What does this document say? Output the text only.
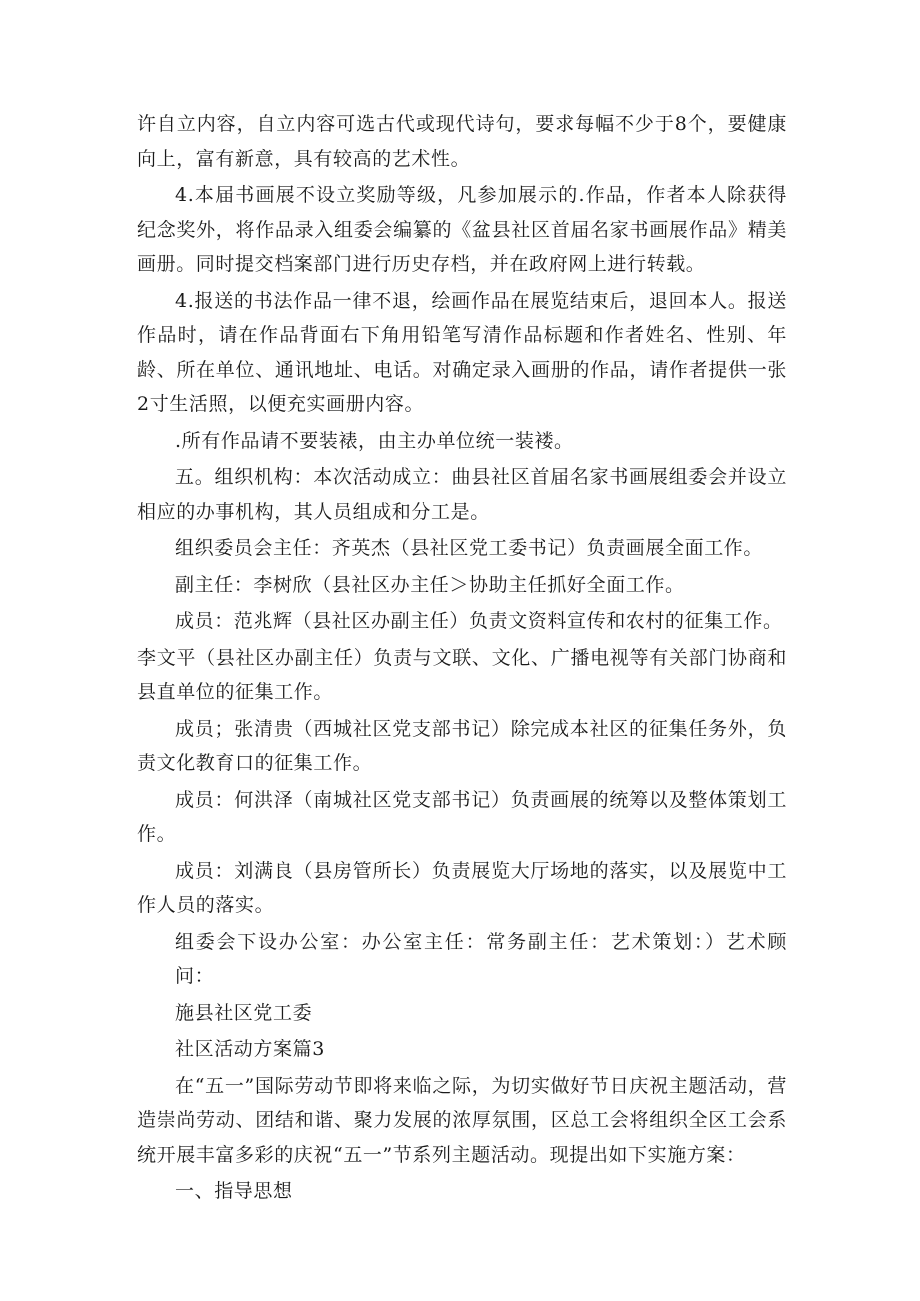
许自立内容，自立内容可选古代或现代诗句，要求每幅不少于8个，要健康向上，富有新意，具有较高的艺术性。

4.本届书画展不设立奖励等级，凡参加展示的.作品，作者本人除获得纪念奖外，将作品录入组委会编纂的《盆县社区首届名家书画展作品》精美画册。同时提交档案部门进行历史存档，并在政府网上进行转载。

4.报送的书法作品一律不退，绘画作品在展览结束后，退回本人。报送作品时，请在作品背面右下角用铅笔写清作品标题和作者姓名、性别、年龄、所在单位、通讯地址、电话。对确定录入画册的作品，请作者提供一张2寸生活照，以便充实画册内容。

.所有作品请不要装裱，由主办单位统一装褛。

五。组织机构：本次活动成立：曲县社区首届名家书画展组委会并设立相应的办事机构，其人员组成和分工是。

组织委员会主任：齐英杰（县社区党工委书记）负责画展全面工作。

副主任：李树欣（县社区办主任＞协助主任抓好全面工作。

成员：范兆辉（县社区办副主任）负责文资料宣传和农村的征集工作。

李文平（县社区办副主任）负责与文联、文化、广播电视等有关部门协商和县直单位的征集工作。

成员；张清贵（西城社区党支部书记）除完成本社区的征集任务外，负责文化教育口的征集工作。

成员：何洪泽（南城社区党支部书记）负责画展的统筹以及整体策划工作。

成员：刘满良（县房管所长）负责展览大厅场地的落实，以及展览中工作人员的落实。

组委会下设办公室：办公室主任：常务副主任：艺术策划：）艺术顾问：

施县社区党工委

社区活动方案篇3

在“五一”国际劳动节即将来临之际，为切实做好节日庆祝主题活动，营造崇尚劳动、团结和谐、聚力发展的浓厚氛围，区总工会将组织全区工会系统开展丰富多彩的庆祝“五一”节系列主题活动。现提出如下实施方案：

一、指导思想
